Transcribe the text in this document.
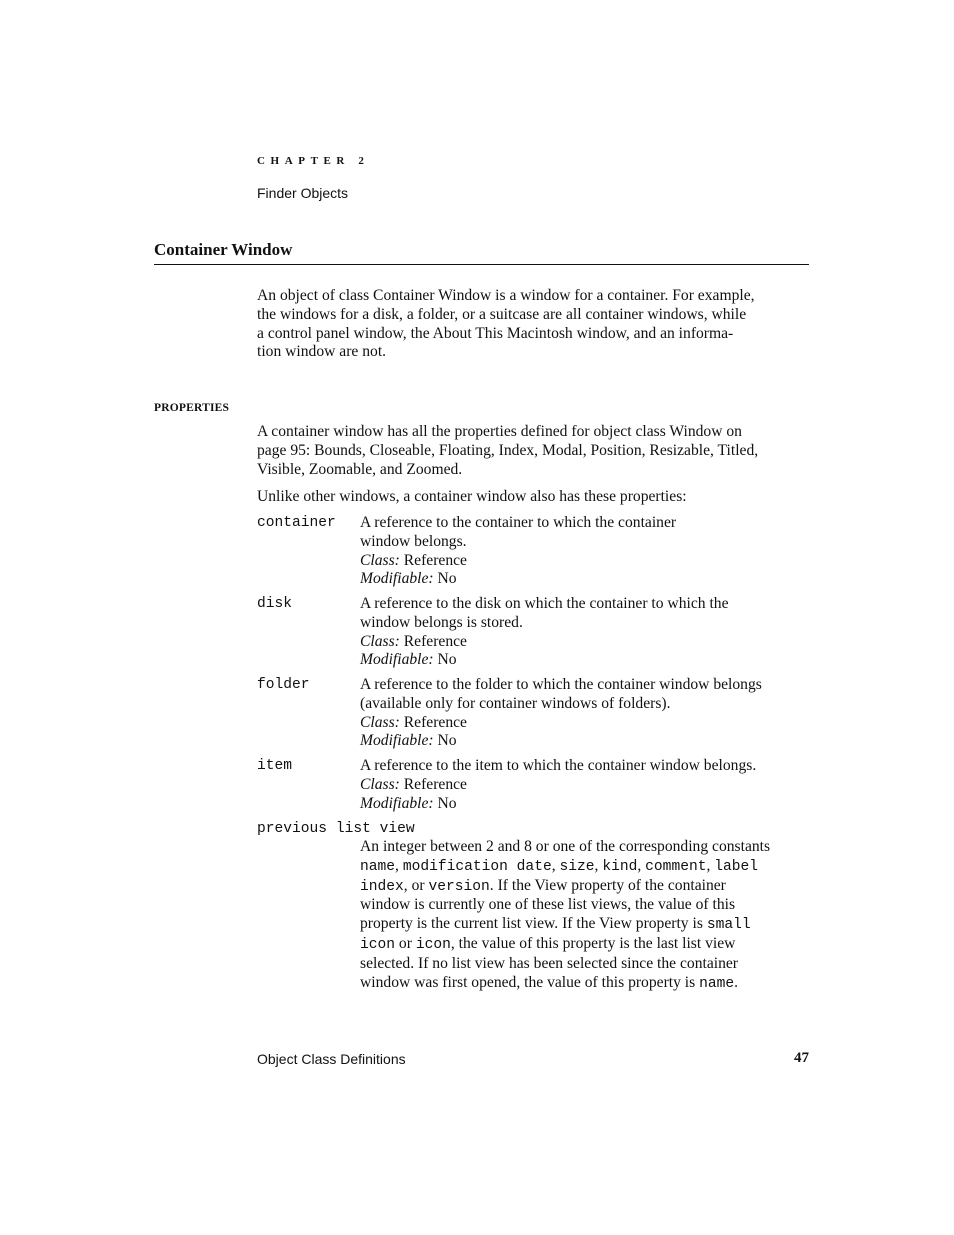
CHAPTER 2
Finder Objects
Container Window
An object of class Container Window is a window for a container. For example,
the windows for a disk, a folder, or a suitcase are all container windows, while
a control panel window, the About This Macintosh window, and an informa-
tion window are not.
PROPERTIES
A container window has all the properties defined for object class Window on
page 95: Bounds, Closeable, Floating, Index, Modal, Position, Resizable, Titled,
Visible, Zoomable, and Zoomed.
Unlike other windows, a container window also has these properties:
container A reference to the container to which the container
window belongs.
Class: Reference
Modifiable: No
disk	A reference to the disk on which the container to which the
window belongs is stored.
Class: Reference
Modifiable: No
folder	A reference to the folder to which the container window belongs
(available only for container windows of folders).
Class: Reference
Modifiable: No
item	A reference to the item to which the container window belongs.
Class: Reference
Modifiable: No
previous list view
An integer between 2 and 8 or one of the corresponding constants
name, modification date, size, kind, comment, label
index, or version. If the View property of the container
window is currently one of these list views, the value of this
property is the current list view. If the View property is small
icon or icon, the value of this property is the last list view
selected. If no list view has been selected since the container
window was first opened, the value of this property is name.
Object Class Definitions	47
